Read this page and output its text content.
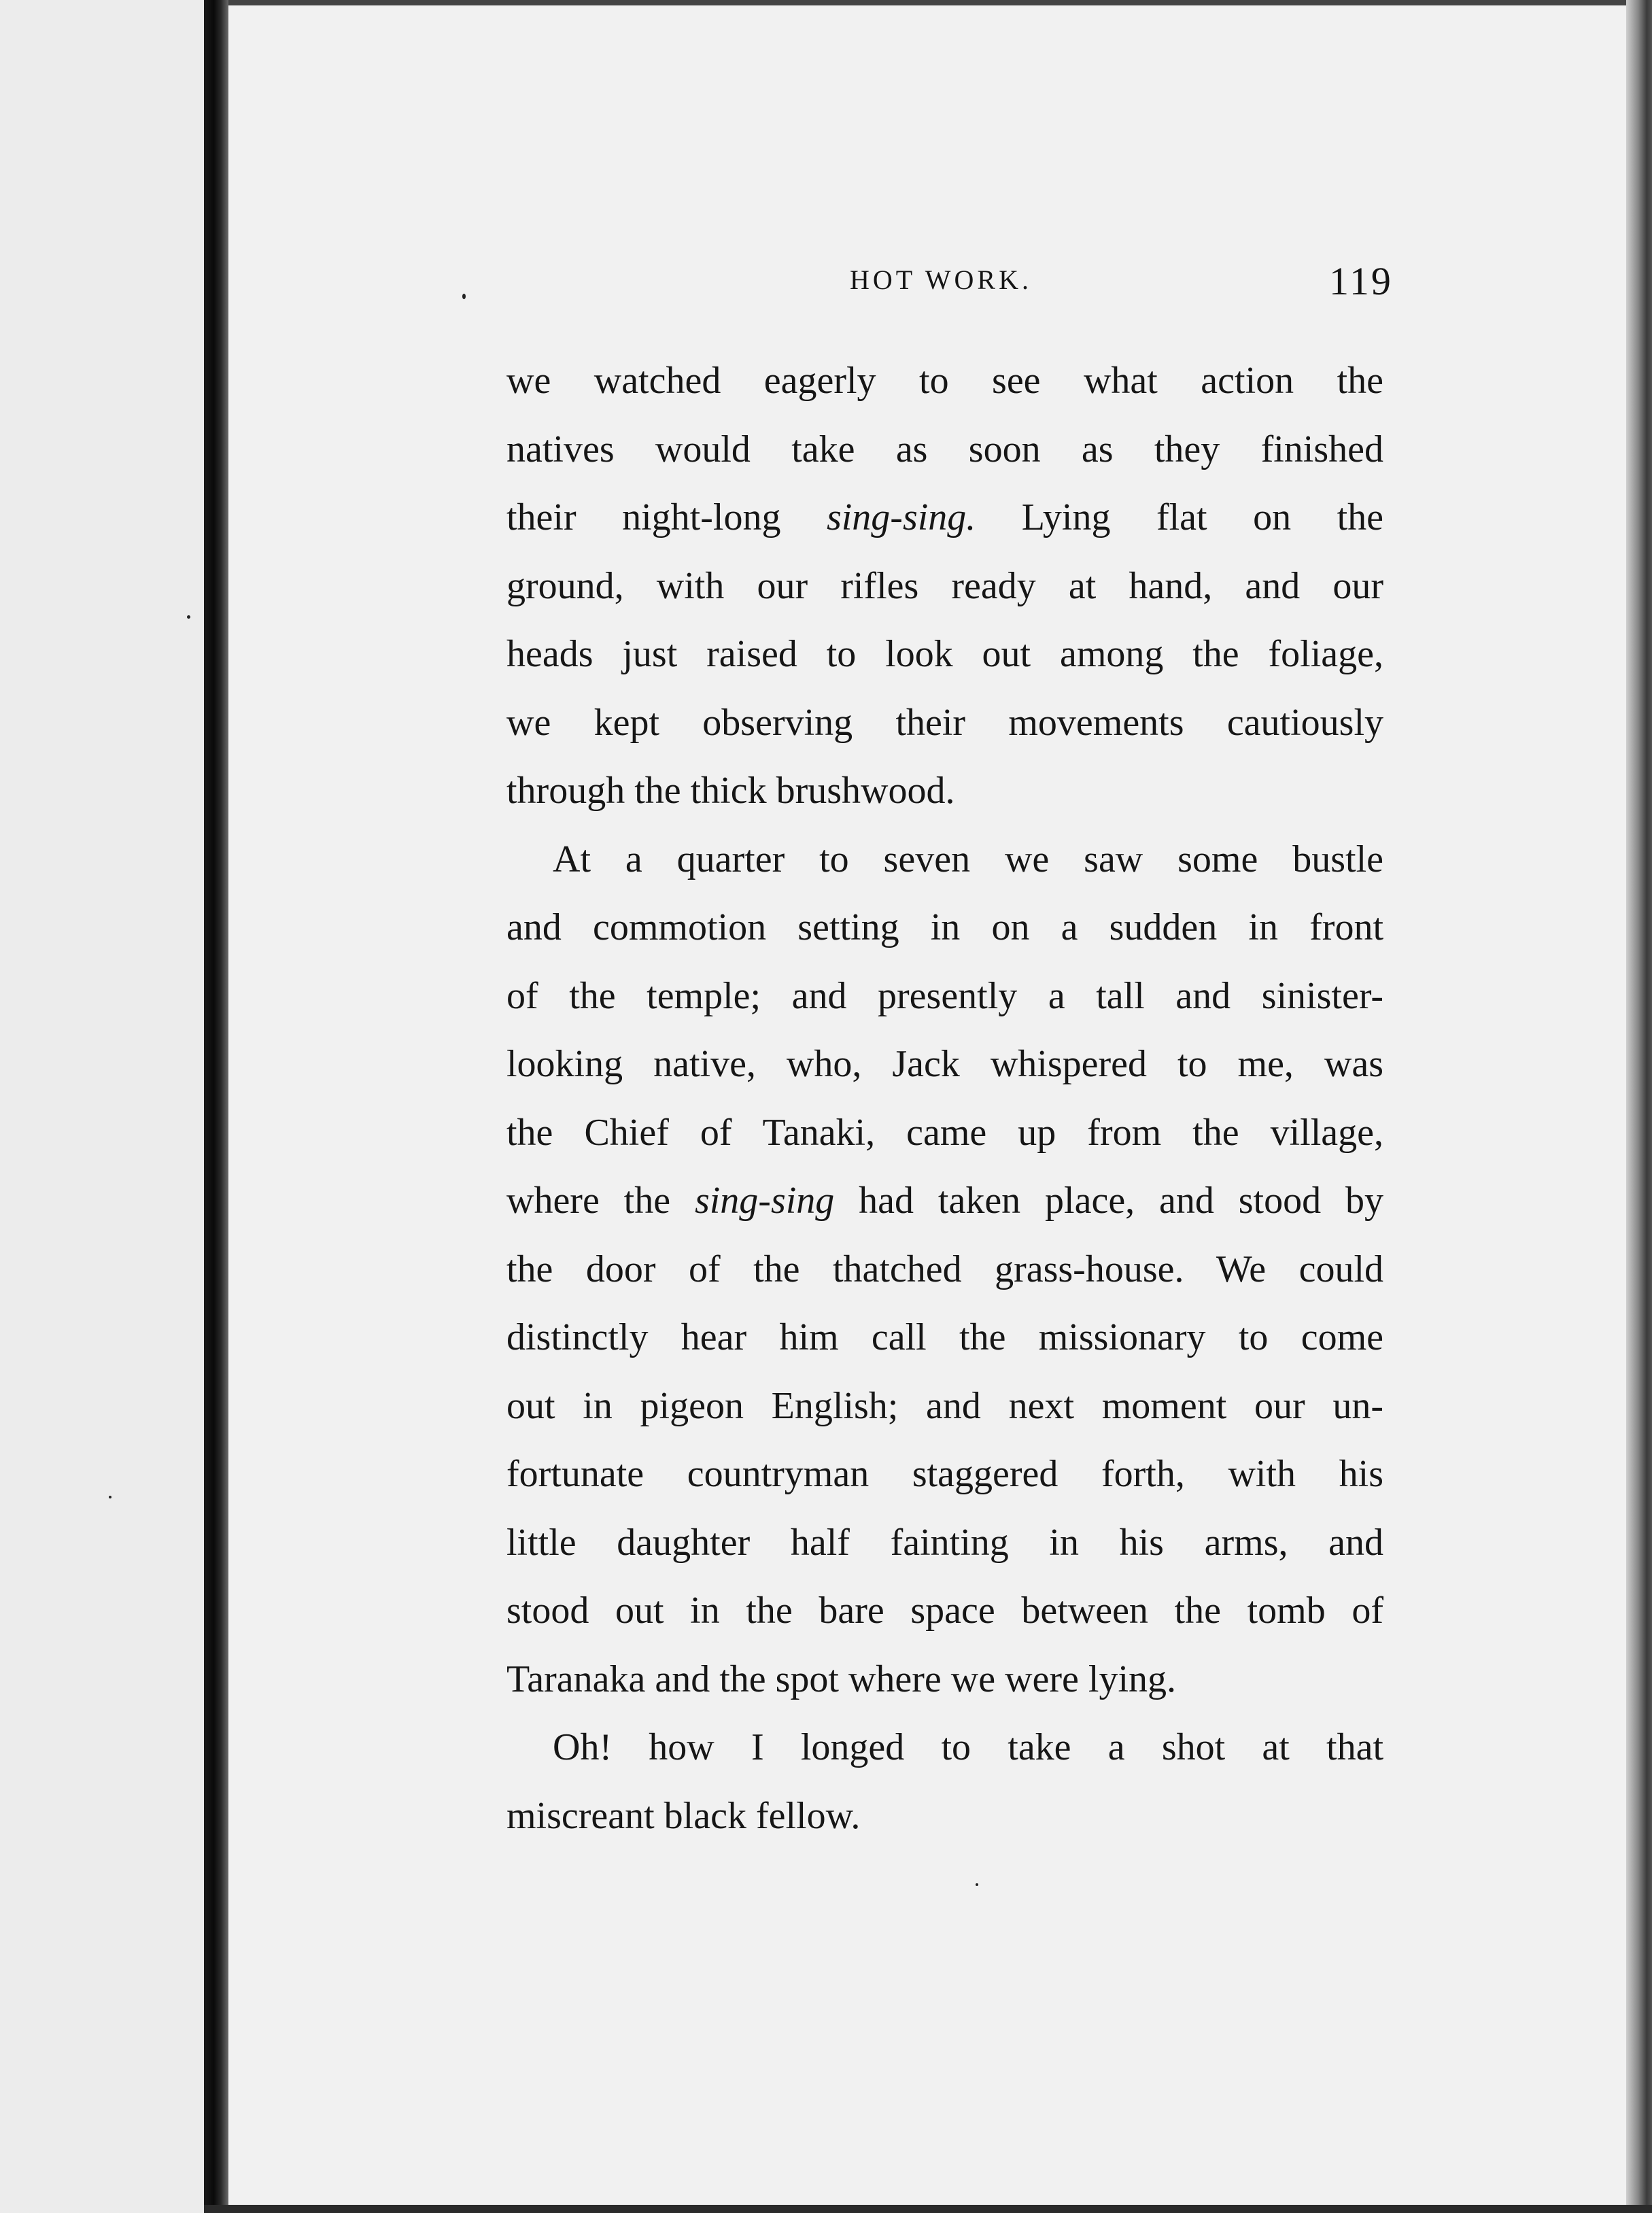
HOT WORK.	119
we watched eagerly to see what action the
natives would take as soon as they finished
their night-long sing-sing. Lying flat on the
ground, with our rifles ready at hand, and our
heads just raised to look out among the foliage,
we kept observing their movements cautiously
through the thick brushwood.
At a quarter to seven we saw some bustle
and commotion setting in on a sudden in front
of the temple; and presently a tall and sinister-
looking native, who, Jack whispered to me, was
the Chief of Tanaki, came up from the village,
where the sing-sing had taken place, and stood by
the door of the thatched grass-house. We could
distinctly hear him call the missionary to come
out in pigeon English; and next moment our un-
fortunate countryman staggered forth, with his
little daughter half fainting in his arms, and
stood out in the bare space between the tomb of
Taranaka and the spot where we were lying.
Oh! how I longed to take a shot at that
miscreant black fellow.
